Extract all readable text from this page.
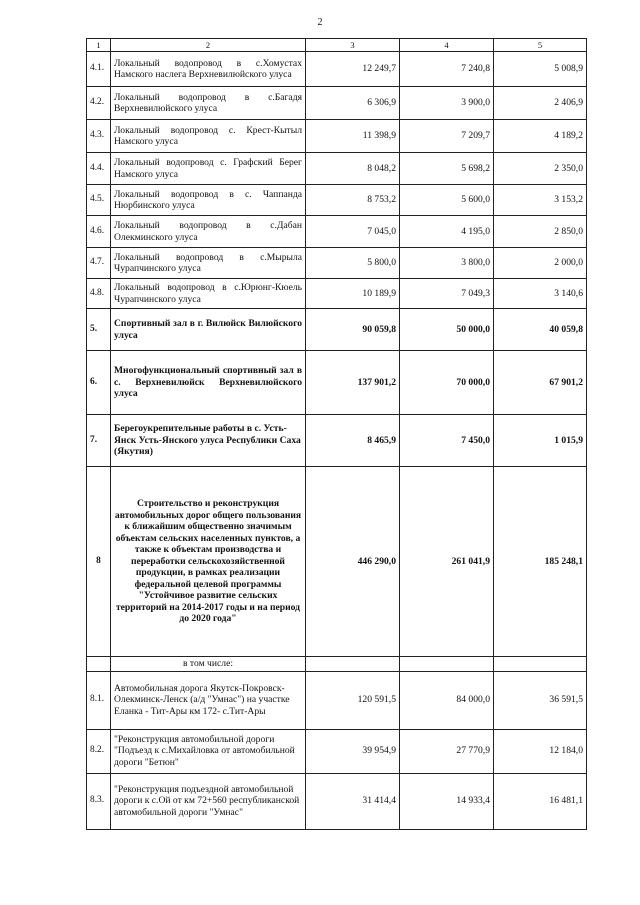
2
1	2	3	4	5
4.1.	Локальный водопровод в с.Хомустах Намского наслега Верхневилюйского улуса	12 249,7	7 240,8	5 008,9
4.2.	Локальный водопровод в с.Багадя Верхневилюйского улуса	6 306,9	3 900,0	2 406,9
4.3.	Локальный водопровод с. Крест-Кытыл Намского улуса	11 398,9	7 209,7	4 189,2
4.4.	Локальный водопровод с. Графский Берег Намского улуса	8 048,2	5 698,2	2 350,0
4.5.	Локальный водопровод в с. Чаппанда Нюрбинского улуса	8 753,2	5 600,0	3 153,2
4.6.	Локальный водопровод в с.Дабан Олекминского улуса	7 045,0	4 195,0	2 850,0
4.7.	Локальный водопровод в с.Мырыла Чурапчинского улуса	5 800,0	3 800,0	2 000,0
4.8.	Локальный водопровод в с.Юрюнг-Кюель Чурапчинского улуса	10 189,9	7 049,3	3 140,6
5.	Спортивный зал в г. Вилюйск Вилюйского улуса	90 059,8	50 000,0	40 059,8
6.	Многофункциональный спортивный зал в с. Верхневилюйск Верхневилюйского улуса	137 901,2	70 000,0	67 901,2
7.	Берегоукрепительные работы в с. Усть-Янск Усть-Янского улуса Республики Саха (Якутия)	8 465,9	7 450,0	1 015,9
8	Строительство и реконструкция автомобильных дорог общего пользования к ближайшим общественно значимым объектам сельских населенных пунктов, а также к объектам производства и переработки сельскохозяйственной продукции, в рамках реализации федеральной целевой программы "Устойчивое развитие сельских территорий на 2014-2017 годы и на период до 2020 года"	446 290,0	261 041,9	185 248,1
	в том числе:			
8.1.	Автомобильная дорога Якутск-Покровск-Олекминск-Ленск (а/д "Умнас") на участке Еланка - Тит-Ары км 172- с.Тит-Ары	120 591,5	84 000,0	36 591,5
8.2.	"Реконструкция автомобильной дороги "Подъезд к с.Михайловка от автомобильной дороги "Бетюн"	39 954,9	27 770,9	12 184,0
8.3.	"Реконструкция подъездной автомобильной дороги к с.Ой от км 72+560 республиканской автомобильной дороги "Умнас"	31 414,4	14 933,4	16 481,1
